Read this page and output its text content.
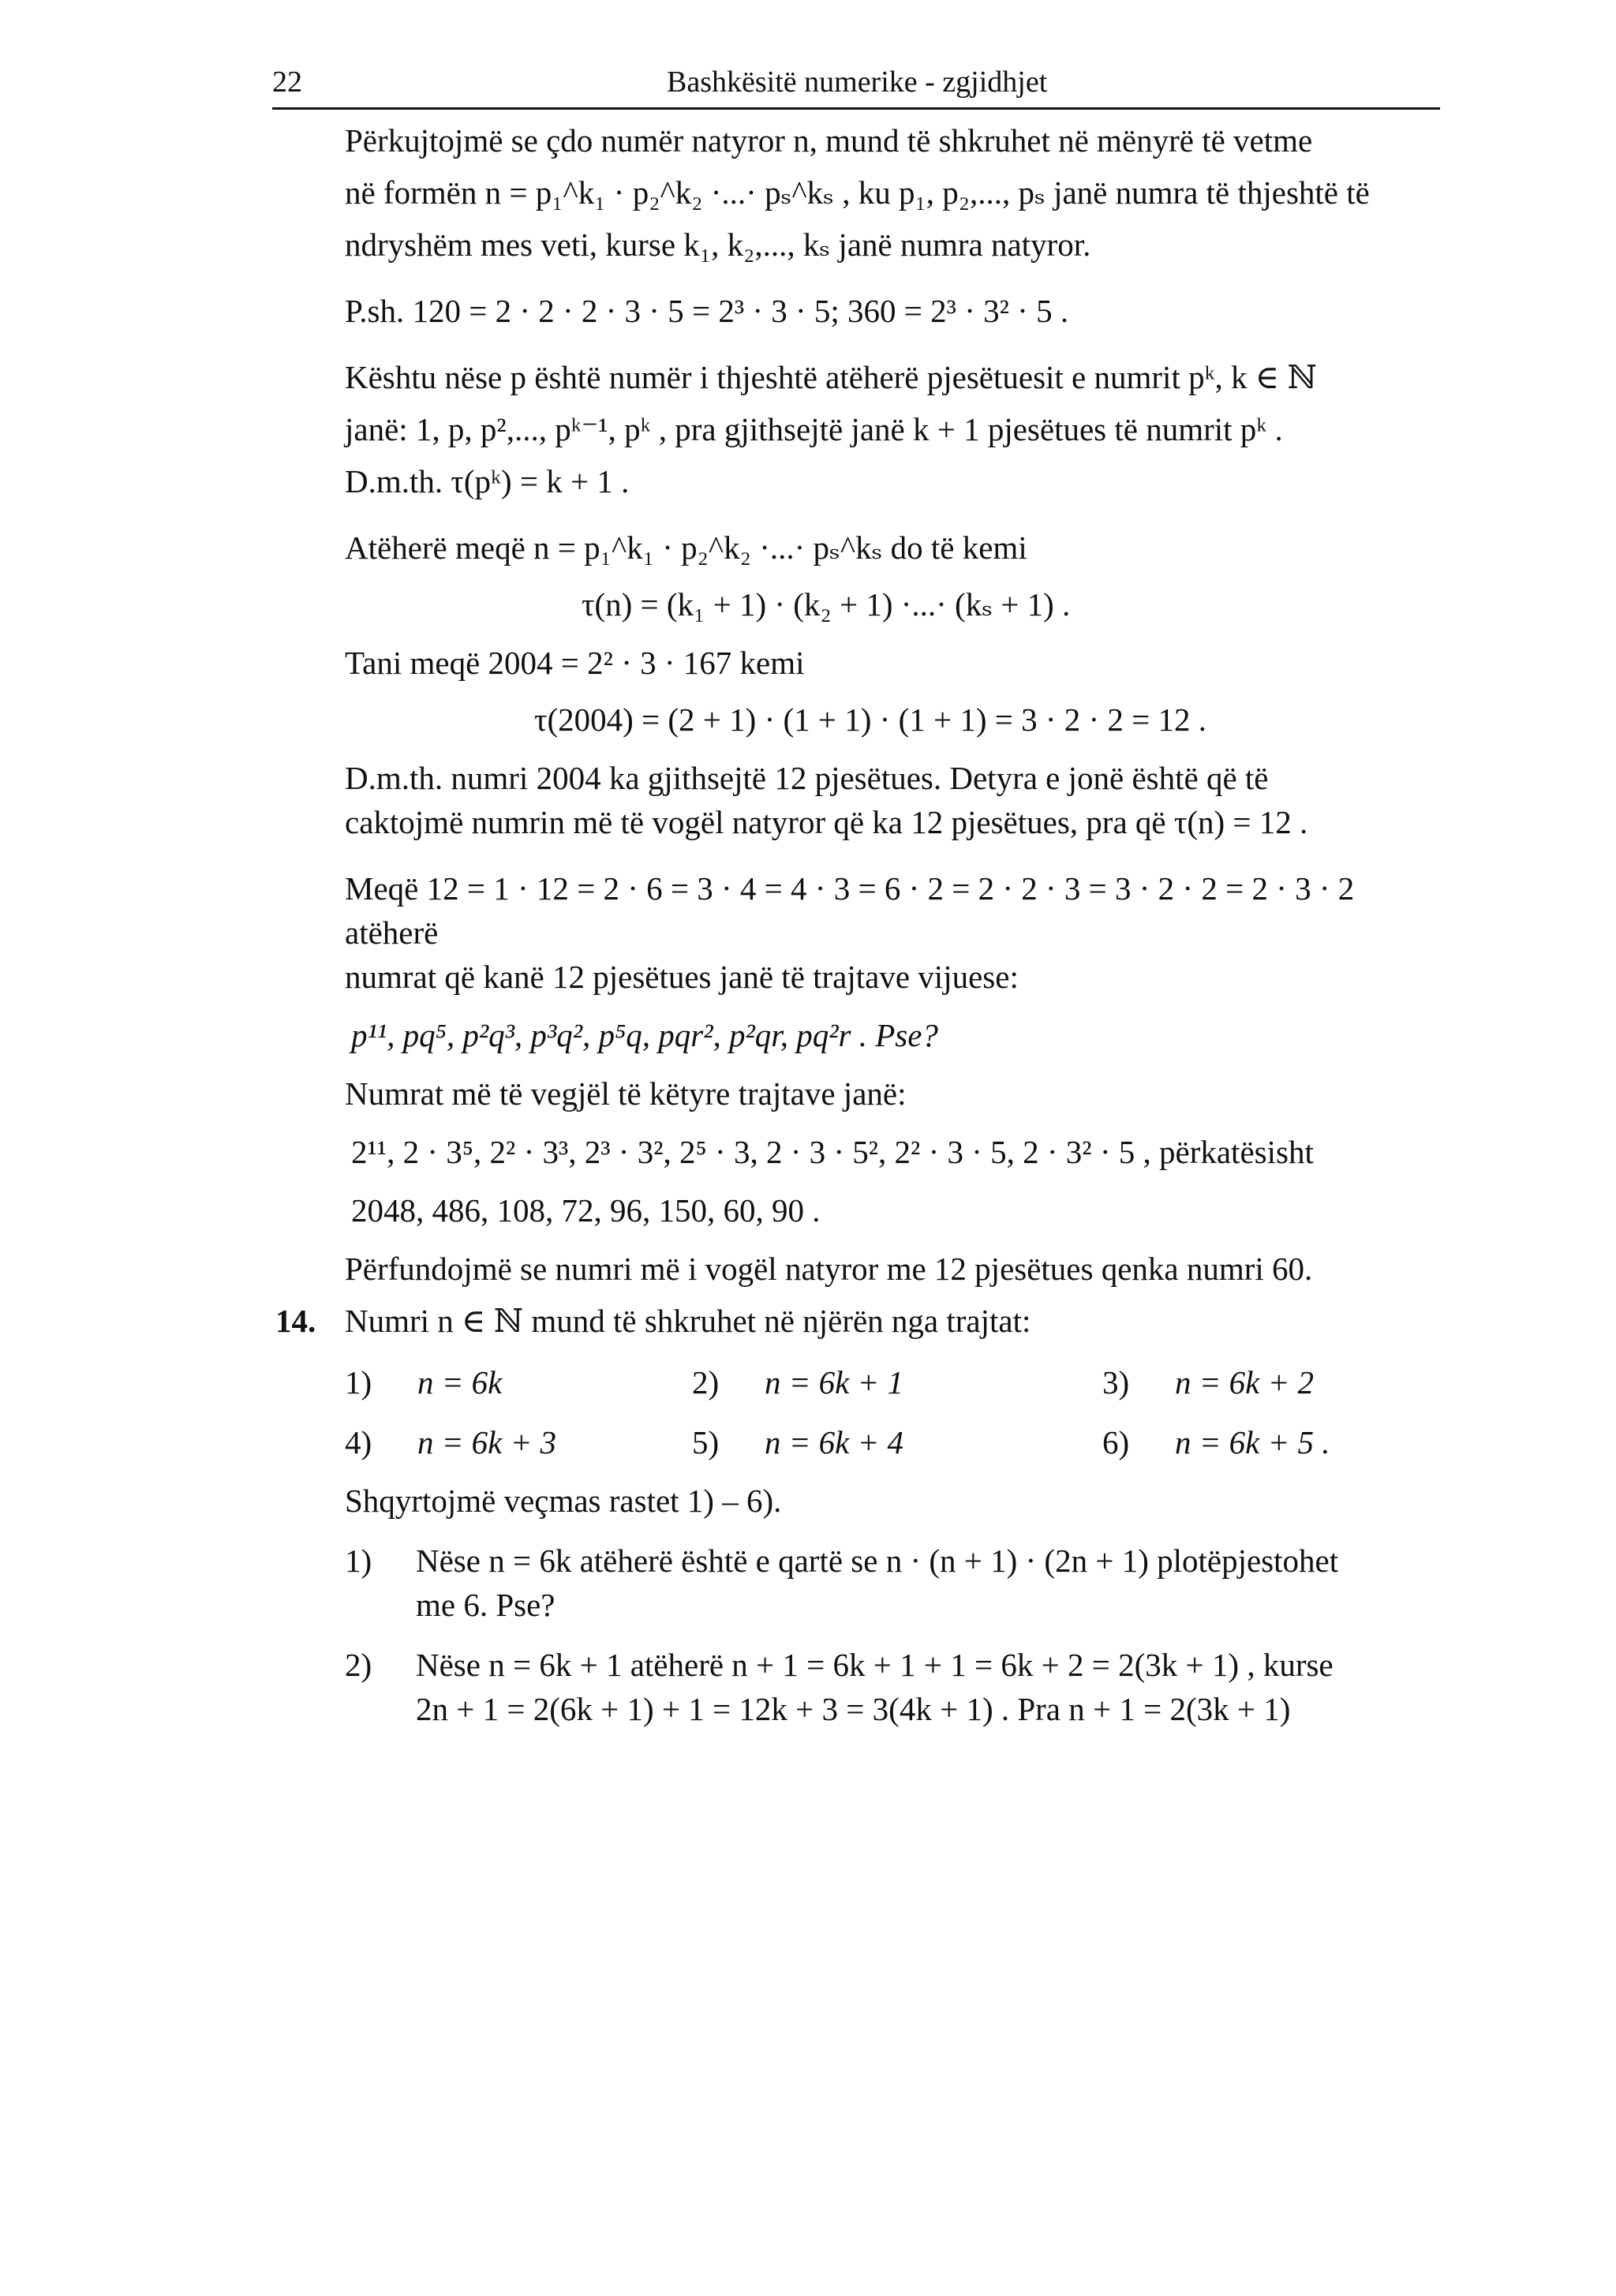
22	Bashkësitë numerike - zgjidhjet

Përkujtojmë se çdo numër natyror n, mund të shkruhet në mënyrë të vetme

në formën n = p₁^k₁ · p₂^k₂ ·...· pₛ^kₛ , ku p₁, p₂,..., pₛ janë numra të thjeshtë të

ndryshëm mes veti, kurse k₁, k₂,..., kₛ janë numra natyror.

P.sh. 120 = 2 · 2 · 2 · 3 · 5 = 2³ · 3 · 5; 360 = 2³ · 3² · 5 .

Kështu nëse p është numër i thjeshtë atëherë pjesëtuesit e numrit pᵏ, k ∈ ℕ

janë: 1, p, p²,..., pᵏ⁻¹, pᵏ , pra gjithsejtë janë k + 1 pjesëtues të numrit pᵏ .

D.m.th. τ(pᵏ) = k + 1 .

Atëherë meqë n = p₁^k₁ · p₂^k₂ ·...· pₛ^kₛ do të kemi

τ(n) = (k₁ + 1) · (k₂ + 1) ·...· (kₛ + 1) .

Tani meqë 2004 = 2² · 3 · 167 kemi

τ(2004) = (2 + 1) · (1 + 1) · (1 + 1) = 3 · 2 · 2 = 12 .

D.m.th. numri 2004 ka gjithsejtë 12 pjesëtues. Detyra e jonë është që të

caktojmë numrin më të vogël natyror që ka 12 pjesëtues, pra që τ(n) = 12 .

Meqë 12 = 1 · 12 = 2 · 6 = 3 · 4 = 4 · 3 = 6 · 2 = 2 · 2 · 3 = 3 · 2 · 2 = 2 · 3 · 2 atëherë

numrat që kanë 12 pjesëtues janë të trajtave vijuese:

p¹¹, pq⁵, p²q³, p³q², p⁵q, pqr², p²qr, pq²r . Pse?

Numrat më të vegjël të këtyre trajtave janë:

2¹¹, 2 · 3⁵, 2² · 3³, 2³ · 3², 2⁵ · 3, 2 · 3 · 5², 2² · 3 · 5, 2 · 3² · 5 , përkatësisht

2048, 486, 108, 72, 96, 150, 60, 90 .

Përfundojmë se numri më i vogël natyror me 12 pjesëtues qenka numri 60.

14. Numri n ∈ ℕ mund të shkruhet në njërën nga trajtat:

1)	n = 6k	2)	n = 6k + 1	3)	n = 6k + 2
4)	n = 6k + 3	5)	n = 6k + 4	6)	n = 6k + 5 .

Shqyrtojmë veçmas rastet 1) – 6).

1) Nëse n = 6k atëherë është e qartë se n · (n + 1) · (2n + 1) plotëpjestohet

me 6. Pse?

2) Nëse n = 6k + 1 atëherë n + 1 = 6k + 1 + 1 = 6k + 2 = 2(3k + 1) , kurse

2n + 1 = 2(6k + 1) + 1 = 12k + 3 = 3(4k + 1) . Pra n + 1 = 2(3k + 1)
